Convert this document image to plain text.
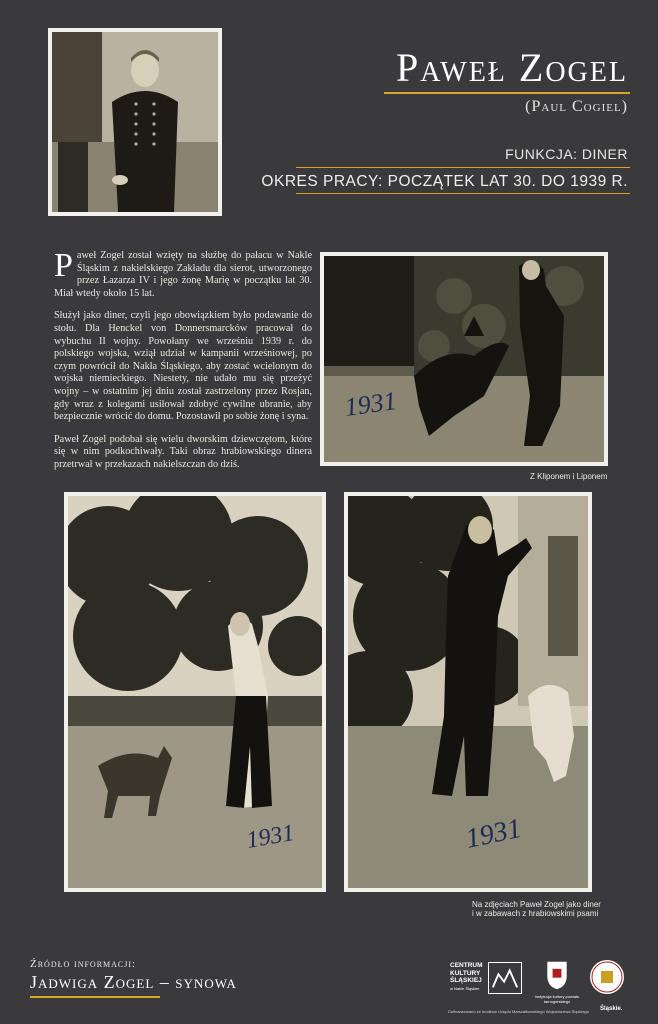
Paweł Zogel
(Paul Cogiel)
FUNKCJA: DINER
OKRES PRACY: POCZĄTEK LAT 30. DO 1939 R.

Paweł Zogel został wzięty na służbę do pałacu w Nakle Śląskim z nakielskiego Zakładu dla sierot, utworzonego przez Łazarza IV i jego żonę Marię w początku lat 30. Miał wtedy około 15 lat.

Służył jako diner, czyli jego obowiązkiem było podawanie do stołu. Dla Henckel von Donnersmarcków pracował do wybuchu II wojny. Powołany we wrześniu 1939 r. do polskiego wojska, wziął udział w kampanii wrześniowej, po czym powrócił do Nakła Śląskiego, aby zostać wcielonym do wojska niemieckiego. Niestety, nie udało mu się przeżyć wojny – w ostatnim jej dniu został zastrzelony przez Rosjan, gdy wraz z kolegami usiłował zdobyć cywilne ubranie, aby bezpiecznie wrócić do domu. Pozostawił po sobie żonę i syna.

Paweł Zogel podobał się wielu dworskim dziewczętom, które się w nim podkochiwały. Taki obraz hrabiowskiego dinera przetrwał w przekazach nakielszczan do dziś.

1931
Z Kliponem i Liponem
1931	1931
Na zdjęciach Paweł Zogel jako diner
i w zabawach z hrabiowskimi psami
Źródło informacji:
Jadwiga Zogel – synowa
CENTRUM
KULTURY
ŚLĄSKIEJ
w Nakle Śląskim
Instytucja kultury powiatu tarnogórskiego
Dofinansowano ze środków Urzędu Marszałkowskiego Województwa Śląskiego Śląskie.
